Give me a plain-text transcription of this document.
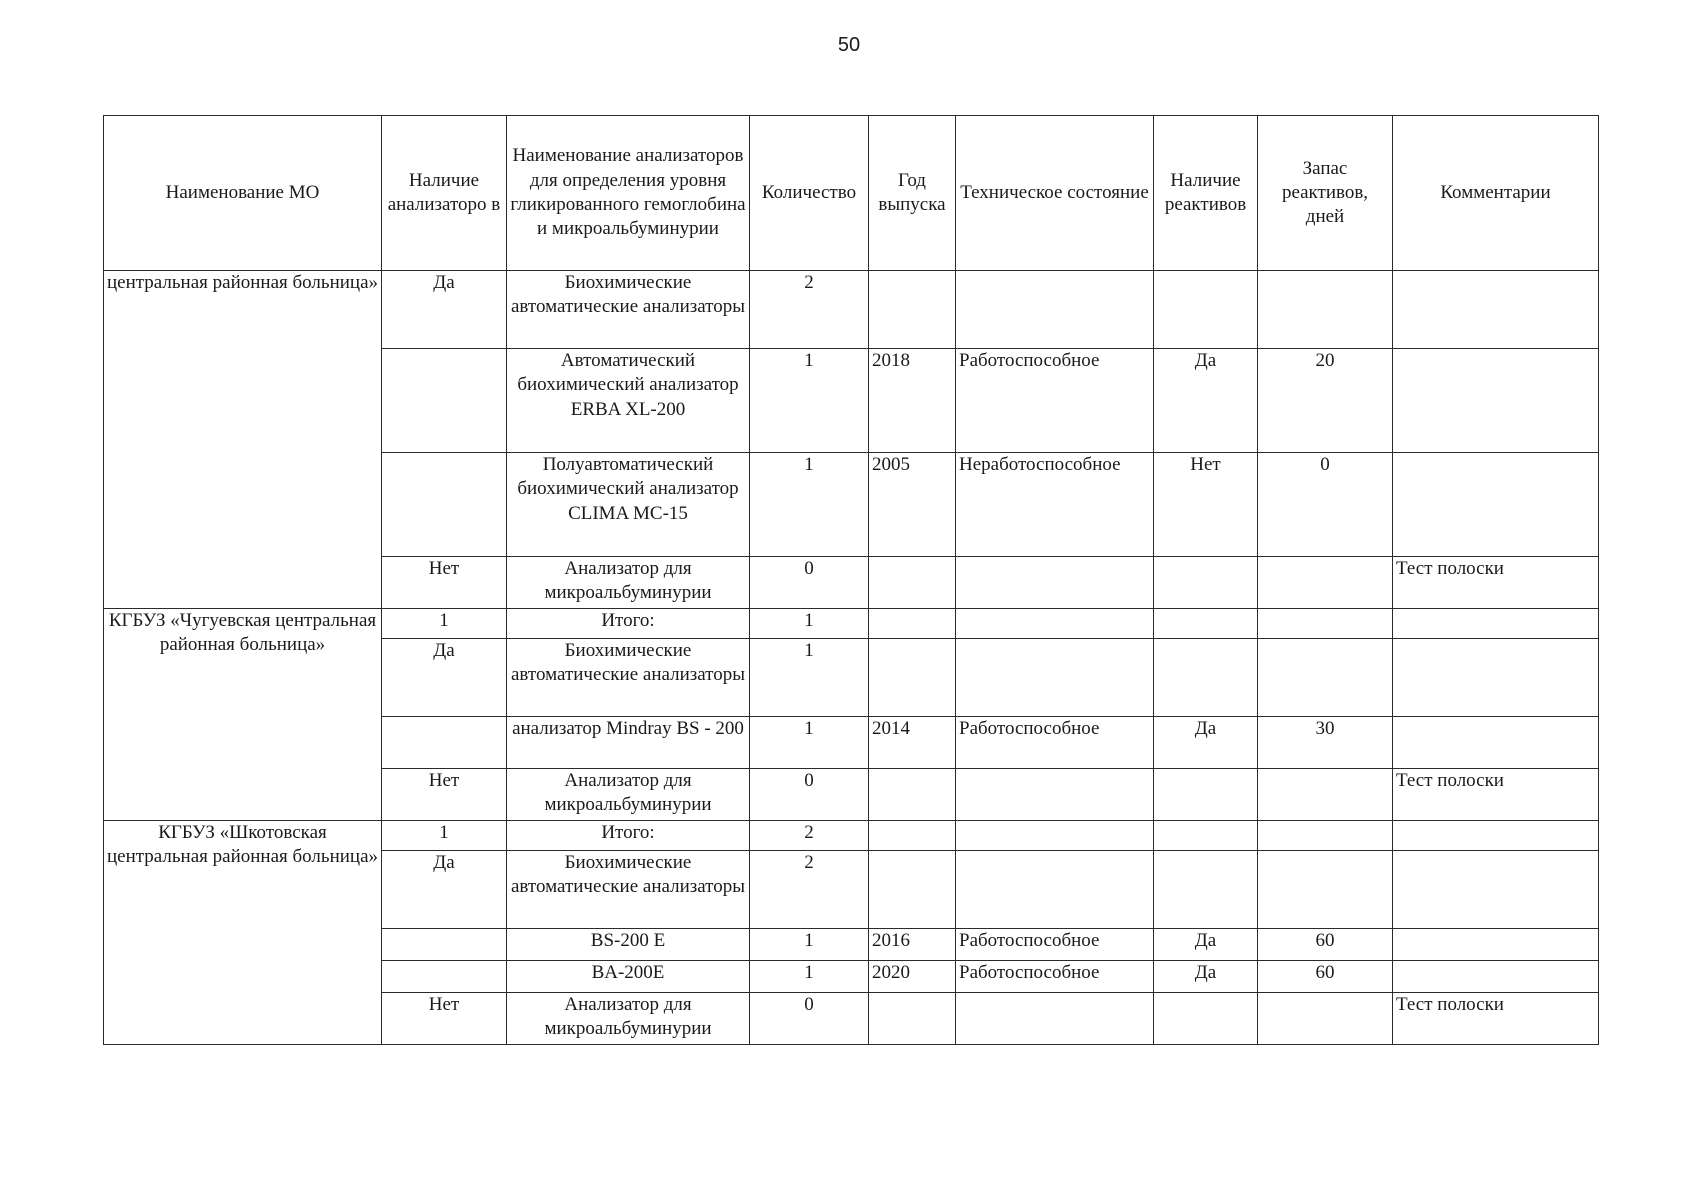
50
Наименование МО	Наличие анализаторо в	Наименование анализаторов для определения уровня гликированного гемоглобина и микроальбуминурии	Количество	Год выпуска	Техническое состояние	Наличие реактивов	Запас реактивов, дней	Комментарии
центральная районная больница»	Да	Биохимические автоматические анализаторы	2					
		Автоматический биохимический анализатор ERBA XL-200	1	2018	Работоспособное	Да	20	
		Полуавтоматический биохимический анализатор CLIMA MC-15	1	2005	Неработоспособное	Нет	0	
	Нет	Анализатор для микроальбуминурии	0					Тест полоски
КГБУЗ «Чугуевская центральная районная больница»	1	Итого:	1					
	Да	Биохимические автоматические анализаторы	1					
		анализатор Mindray BS - 200	1	2014	Работоспособное	Да	30	
	Нет	Анализатор для микроальбуминурии	0					Тест полоски
КГБУЗ «Шкотовская центральная районная больница»	1	Итого:	2					
	Да	Биохимические автоматические анализаторы	2					
		BS-200 E	1	2016	Работоспособное	Да	60	
		BA-200E	1	2020	Работоспособное	Да	60	
	Нет	Анализатор для микроальбуминурии	0					Тест полоски
